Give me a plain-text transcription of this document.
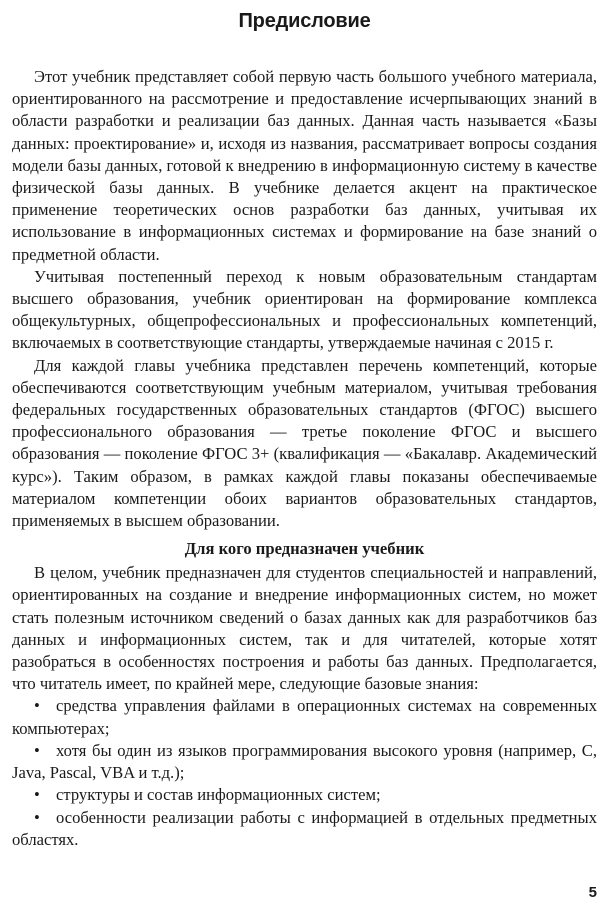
Предисловие

Этот учебник представляет собой первую часть большого учебного материала, ориентированного на рассмотрение и предоставление исчерпывающих знаний в области разработки и реализации баз данных. Данная часть называется «Базы данных: проектирование» и, исходя из названия, рассматривает вопросы создания модели базы данных, готовой к внедрению в информационную систему в качестве физической базы данных. В учебнике делается акцент на практическое применение теоретических основ разработки баз данных, учитывая их использование в информационных системах и формирование на базе знаний о предметной области.

Учитывая постепенный переход к новым образовательным стандартам высшего образования, учебник ориентирован на формирование комплекса общекультурных, общепрофессиональных и профессиональных компетенций, включаемых в соответствующие стандарты, утверждаемые начиная с 2015 г.

Для каждой главы учебника представлен перечень компетенций, которые обеспечиваются соответствующим учебным материалом, учитывая требования федеральных государственных образовательных стандартов (ФГОС) высшего профессионального образования — третье поколение ФГОС и высшего образования — поколение ФГОС 3+ (квалификация — «Бакалавр. Академический курс»). Таким образом, в рамках каждой главы показаны обеспечиваемые материалом компетенции обоих вариантов образовательных стандартов, применяемых в высшем образовании.

Для кого предназначен учебник

В целом, учебник предназначен для студентов специальностей и направлений, ориентированных на создание и внедрение информационных систем, но может стать полезным источником сведений о базах данных как для разработчиков баз данных и информационных систем, так и для читателей, которые хотят разобраться в особенностях построения и работы баз данных. Предполагается, что читатель имеет, по крайней мере, следующие базовые знания:

• средства управления файлами в операционных системах на современных компьютерах;
• хотя бы один из языков программирования высокого уровня (например, C, Java, Pascal, VBA и т.д.);
• структуры и состав информационных систем;
• особенности реализации работы с информацией в отдельных предметных областях.
5
